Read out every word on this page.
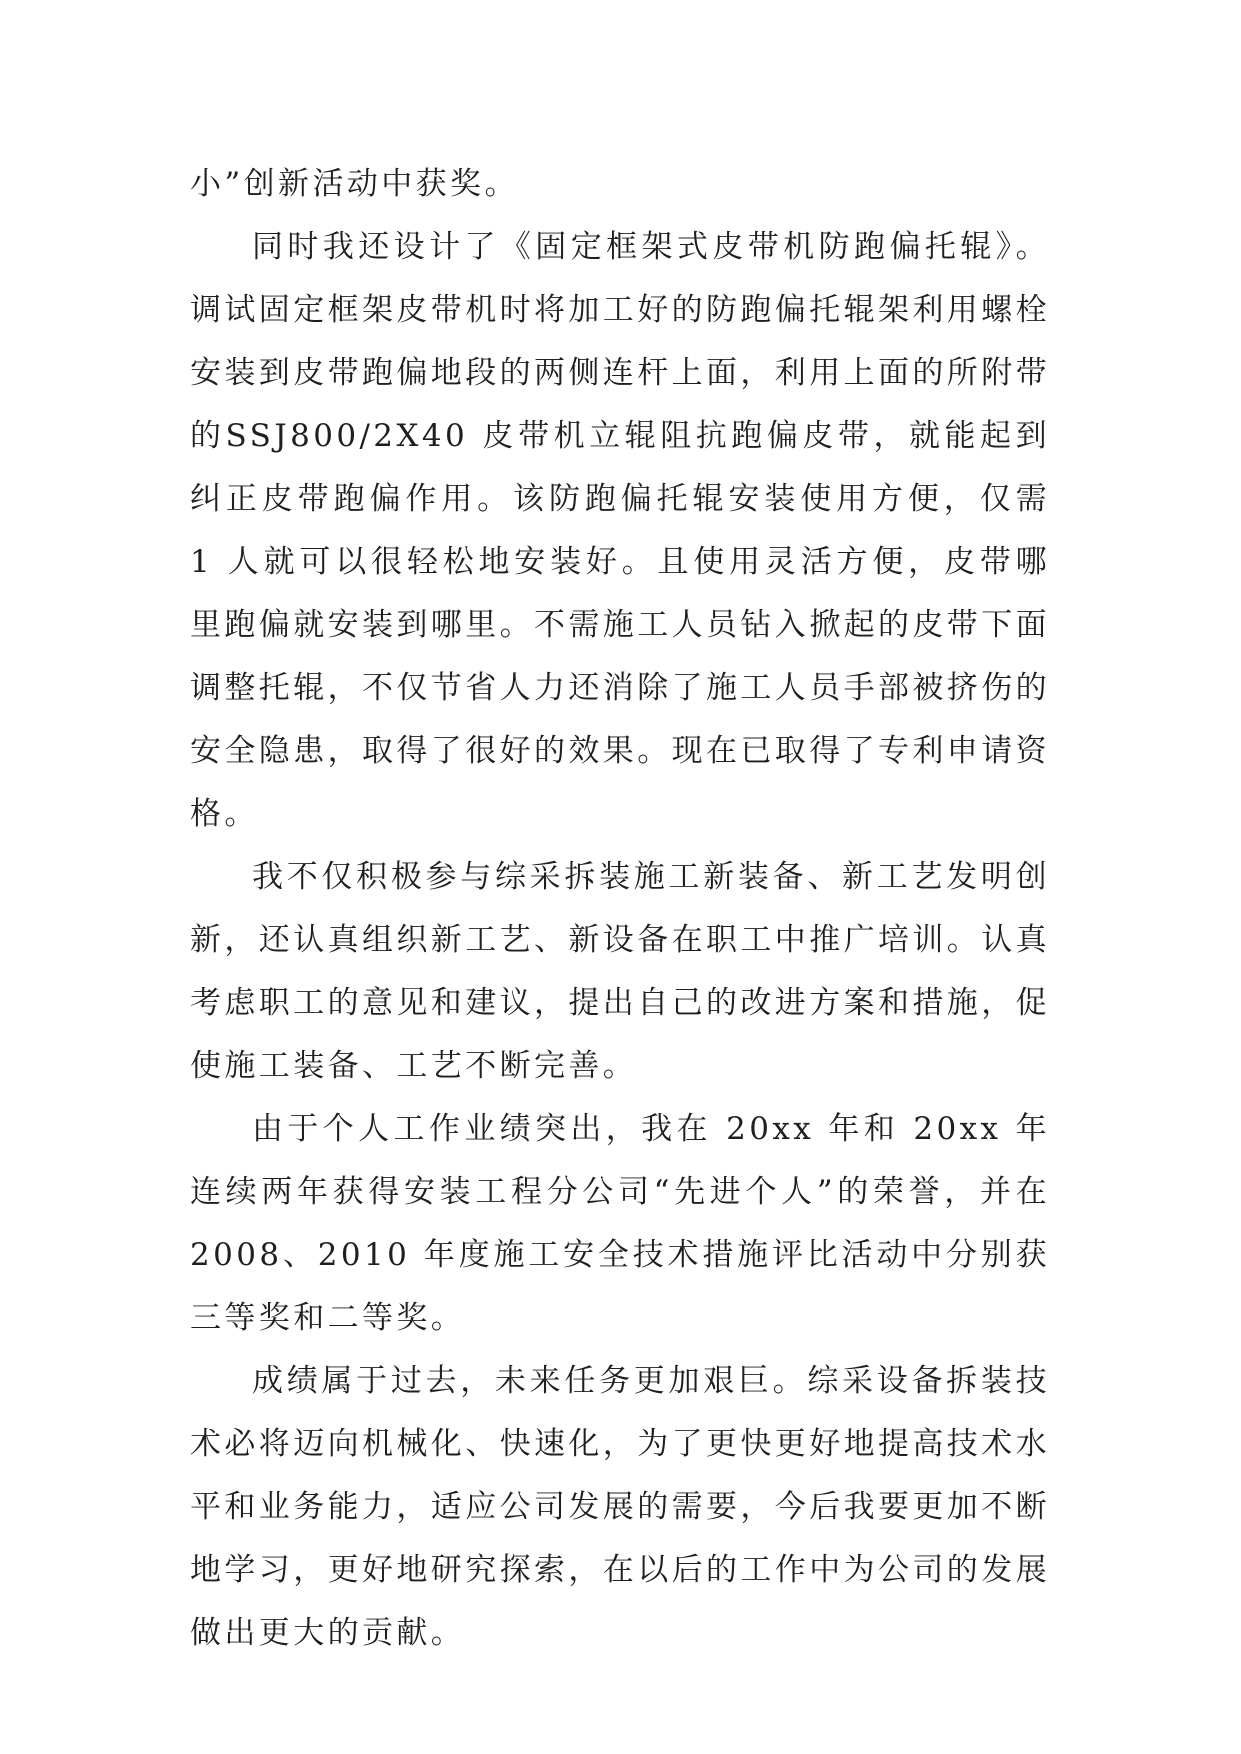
小”创新活动中获奖。

同时我还设计了《固定框架式皮带机防跑偏托辊》。调试固定框架皮带机时将加工好的防跑偏托辊架利用螺栓安装到皮带跑偏地段的两侧连杆上面，利用上面的所附带的SSJ800/2X40 皮带机立辊阻抗跑偏皮带，就能起到纠正皮带跑偏作用。该防跑偏托辊安装使用方便，仅需 1 人就可以很轻松地安装好。且使用灵活方便，皮带哪里跑偏就安装到哪里。不需施工人员钻入掀起的皮带下面调整托辊，不仅节省人力还消除了施工人员手部被挤伤的安全隐患，取得了很好的效果。现在已取得了专利申请资格。

我不仅积极参与综采拆装施工新装备、新工艺发明创新，还认真组织新工艺、新设备在职工中推广培训。认真考虑职工的意见和建议，提出自己的改进方案和措施，促使施工装备、工艺不断完善。

由于个人工作业绩突出，我在 20xx 年和 20xx 年连续两年获得安装工程分公司“先进个人”的荣誉，并在 2008、2010 年度施工安全技术措施评比活动中分别获三等奖和二等奖。

成绩属于过去，未来任务更加艰巨。综采设备拆装技术必将迈向机械化、快速化，为了更快更好地提高技术水平和业务能力，适应公司发展的需要，今后我要更加不断地学习，更好地研究探索，在以后的工作中为公司的发展做出更大的贡献。
